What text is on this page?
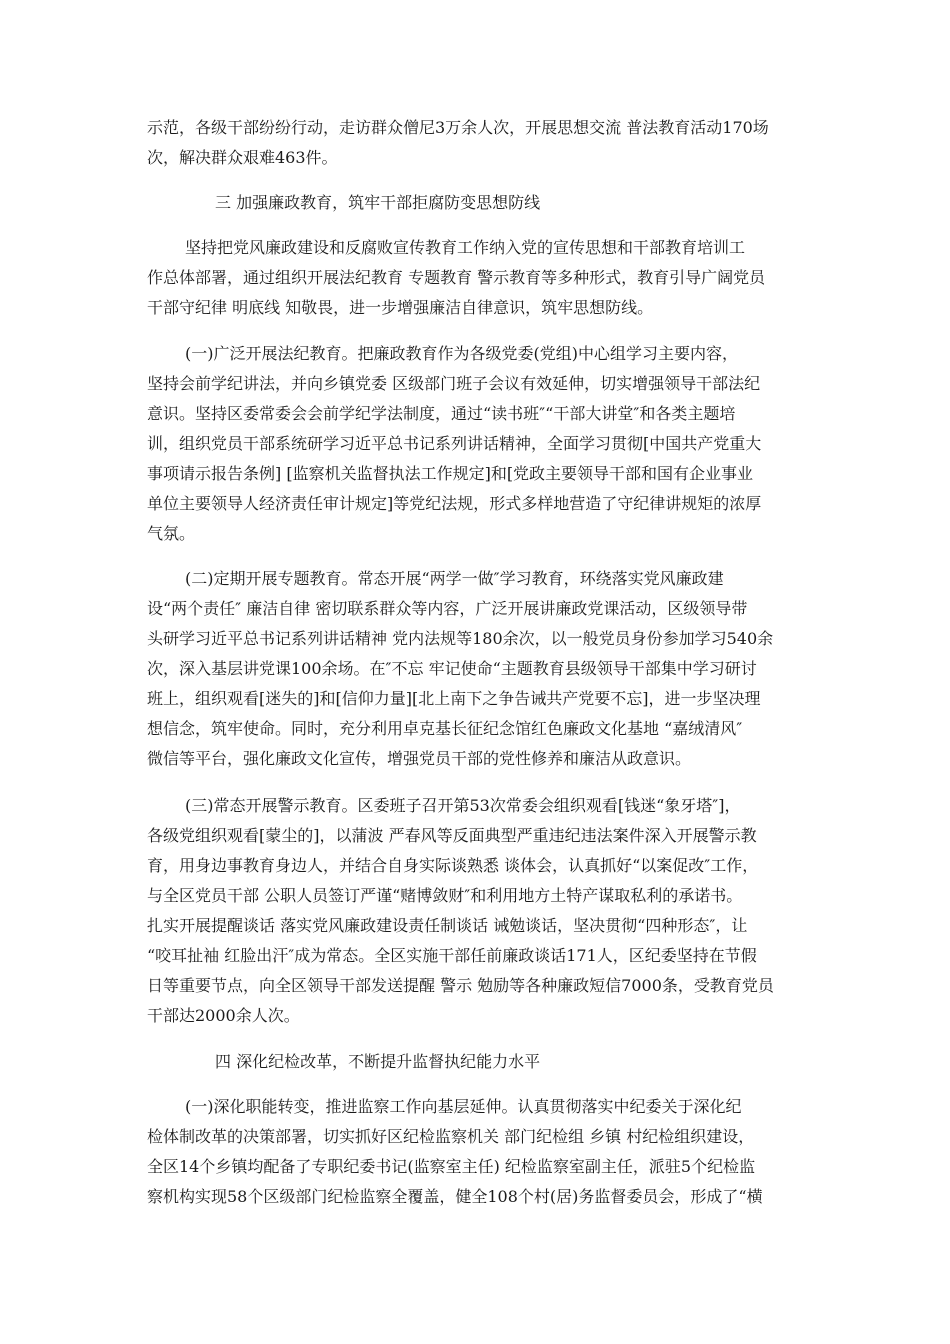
示范，各级干部纷纷行动，走访群众僧尼3万余人次，开展思想交流 普法教育活动170场
次，解决群众艰难463件。
三 加强廉政教育，筑牢干部拒腐防变思想防线
坚持把党风廉政建设和反腐败宣传教育工作纳入党的宣传思想和干部教育培训工
作总体部署，通过组织开展法纪教育 专题教育 警示教育等多种形式，教育引导广阔党员
干部守纪律 明底线 知敬畏，进一步增强廉洁自律意识，筑牢思想防线。
(一)广泛开展法纪教育。把廉政教育作为各级党委(党组)中心组学习主要内容，
坚持会前学纪讲法，并向乡镇党委 区级部门班子会议有效延伸，切实增强领导干部法纪
意识。坚持区委常委会会前学纪学法制度，通过“读书班″“干部大讲堂″和各类主题培
训，组织党员干部系统研学习近平总书记系列讲话精神，全面学习贯彻[中国共产党重大
事项请示报告条例] [监察机关监督执法工作规定]和[党政主要领导干部和国有企业事业
单位主要领导人经济责任审计规定]等党纪法规，形式多样地营造了守纪律讲规矩的浓厚
气氛。
(二)定期开展专题教育。常态开展“两学一做″学习教育，环绕落实党风廉政建
设“两个责任″ 廉洁自律 密切联系群众等内容，广泛开展讲廉政党课活动，区级领导带
头研学习近平总书记系列讲话精神 党内法规等180余次，以一般党员身份参加学习540余
次，深入基层讲党课100余场。在″不忘 牢记使命“主题教育县级领导干部集中学习研讨
班上，组织观看[迷失的]和[信仰力量][北上南下之争告诫共产党要不忘]，进一步坚决理
想信念，筑牢使命。同时，充分利用卓克基长征纪念馆红色廉政文化基地 “嘉绒清风″
微信等平台，强化廉政文化宣传，增强党员干部的党性修养和廉洁从政意识。
(三)常态开展警示教育。区委班子召开第53次常委会组织观看[钱迷“象牙塔″]，
各级党组织观看[蒙尘的]，以蒲波 严春风等反面典型严重违纪违法案件深入开展警示教
育，用身边事教育身边人，并结合自身实际谈熟悉 谈体会，认真抓好“以案促改″工作，
与全区党员干部 公职人员签订严谨“赌博敛财″和利用地方土特产谋取私利的承诺书。
扎实开展提醒谈话 落实党风廉政建设责任制谈话 诫勉谈话，坚决贯彻“四种形态″，让
“咬耳扯袖 红脸出汗″成为常态。全区实施干部任前廉政谈话171人，区纪委坚持在节假
日等重要节点，向全区领导干部发送提醒 警示 勉励等各种廉政短信7000条，受教育党员
干部达2000余人次。
四 深化纪检改革，不断提升监督执纪能力水平
(一)深化职能转变，推进监察工作向基层延伸。认真贯彻落实中纪委关于深化纪
检体制改革的决策部署，切实抓好区纪检监察机关 部门纪检组 乡镇 村纪检组织建设，
全区14个乡镇均配备了专职纪委书记(监察室主任) 纪检监察室副主任，派驻5个纪检监
察机构实现58个区级部门纪检监察全覆盖，健全108个村(居)务监督委员会，形成了“横
